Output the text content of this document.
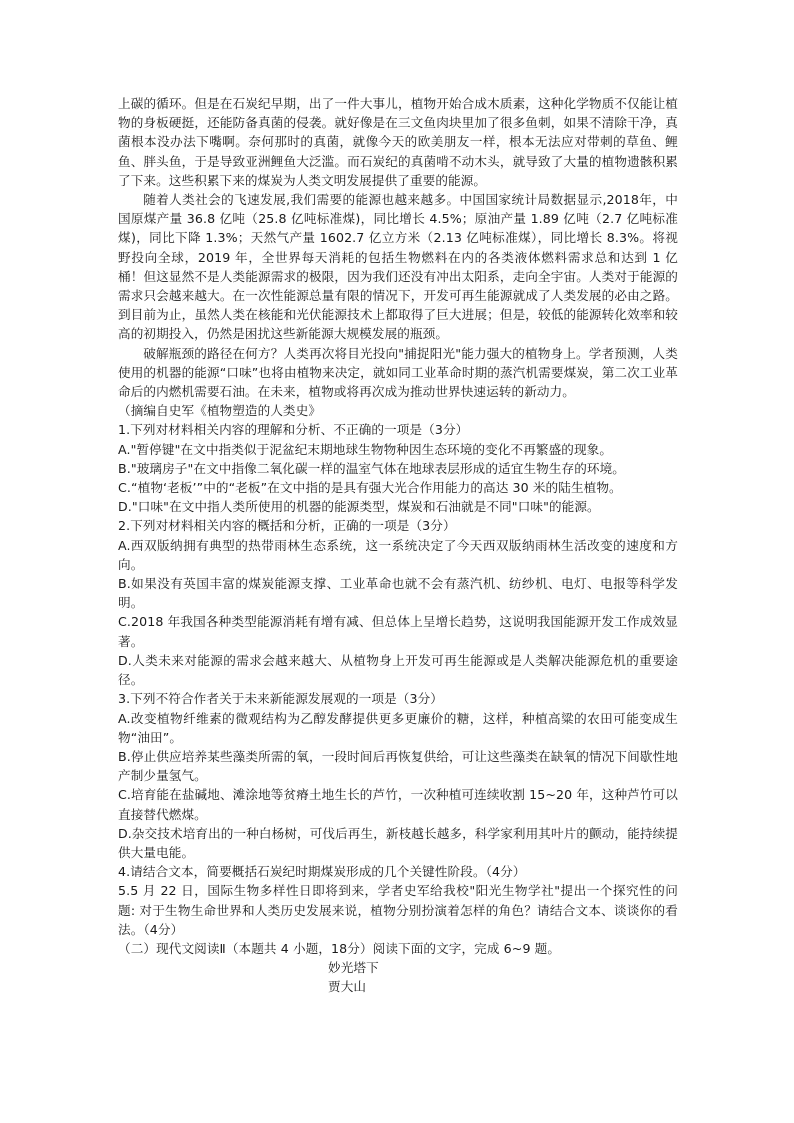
上碳的循环。但是在石炭纪早期，出了一件大事儿，植物开始合成木质素，这种化学物质不仅能让植物的身板硬挺，还能防备真菌的侵袭。就好像是在三文鱼肉块里加了很多鱼刺，如果不清除干净，真菌根本没办法下嘴啊。奈何那时的真菌，就像今天的欧美朋友一样，根本无法应对带刺的草鱼、鲤鱼、胖头鱼，于是导致亚洲鲤鱼大泛滥。而石炭纪的真菌啃不动木头，就导致了大量的植物遗骸积累了下来。这些积累下来的煤炭为人类文明发展提供了重要的能源。

随着人类社会的飞速发展,我们需要的能源也越来越多。中国国家统计局数据显示,2018年，中国原煤产量 36.8 亿吨（25.8 亿吨标准煤)，同比增长 4.5%；原油产量 1.89 亿吨（2.7 亿吨标准煤)，同比下降 1.3%；天然气产量 1602.7 亿立方米（2.13 亿吨标准煤），同比增长 8.3%。将视野投向全球，2019 年，全世界每天消耗的包括生物燃料在内的各类液体燃料需求总和达到 1 亿桶！但这显然不是人类能源需求的极限，因为我们还没有冲出太阳系，走向全宇宙。人类对于能源的需求只会越来越大。在一次性能源总量有限的情况下，开发可再生能源就成了人类发展的必由之路。到目前为止，虽然人类在核能和光伏能源技术上都取得了巨大进展；但是，较低的能源转化效率和较高的初期投入，仍然是困扰这些新能源大规模发展的瓶颈。

破解瓶颈的路径在何方？人类再次将目光投向"捕捉阳光"能力强大的植物身上。学者预测，人类使用的机器的能源“口味”也将由植物来决定，就如同工业革命时期的蒸汽机需要煤炭，第二次工业革命后的内燃机需要石油。在未来，植物或将再次成为推动世界快速运转的新动力。

（摘编自史军《植物塑造的人类史》

1.下列对材料相关内容的理解和分析、不正确的一项是（3分）

A."暂停键"在文中指类似于泥盆纪末期地球生物物种因生态环境的变化不再繁盛的现象。

B."玻璃房子"在文中指像二氧化碳一样的温室气体在地球表层形成的适宜生物生存的环境。

C.“植物‘老板’”中的“老板”在文中指的是具有强大光合作用能力的高达 30 米的陆生植物。

D."口味"在文中指人类所使用的机器的能源类型，煤炭和石油就是不同"口味"的能源。

2.下列对材料相关内容的概括和分析，正确的一项是（3分）

A.西双版纳拥有典型的热带雨林生态系统，这一系统决定了今天西双版纳雨林生活改变的速度和方向。

B.如果没有英国丰富的煤炭能源支撑、工业革命也就不会有蒸汽机、纺纱机、电灯、电报等科学发明。

C.2018 年我国各种类型能源消耗有增有减、但总体上呈增长趋势，这说明我国能源开发工作成效显著。

D.人类未来对能源的需求会越来越大、从植物身上开发可再生能源或是人类解决能源危机的重要途径。

3.下列不符合作者关于未来新能源发展观的一项是（3分）

A.改变植物纤维素的微观结构为乙醇发酵提供更多更廉价的糖，这样，种植高粱的农田可能变成生物“油田”。

B.停止供应培养某些藻类所需的氧，一段时间后再恢复供给，可让这些藻类在缺氧的情况下间歇性地产制少量氢气。

C.培育能在盐碱地、滩涂地等贫瘠土地生长的芦竹，一次种植可连续收割 15~20 年，这种芦竹可以直接替代燃煤。

D.杂交技术培育出的一种白杨树，可伐后再生，新枝越长越多，科学家利用其叶片的颤动，能持续提供大量电能。

4.请结合文本，简要概括石炭纪时期煤炭形成的几个关键性阶段。（4分）

5.5 月 22 日，国际生物多样性日即将到来，学者史军给我校"阳光生物学社"提出一个探究性的问题: 对于生物生命世界和人类历史发展来说，植物分别扮演着怎样的角色？请结合文本、谈谈你的看法。（4分）

（二）现代文阅读Ⅱ（本题共 4 小题，18分）阅读下面的文字，完成 6~9 题。

妙光塔下

贾大山
